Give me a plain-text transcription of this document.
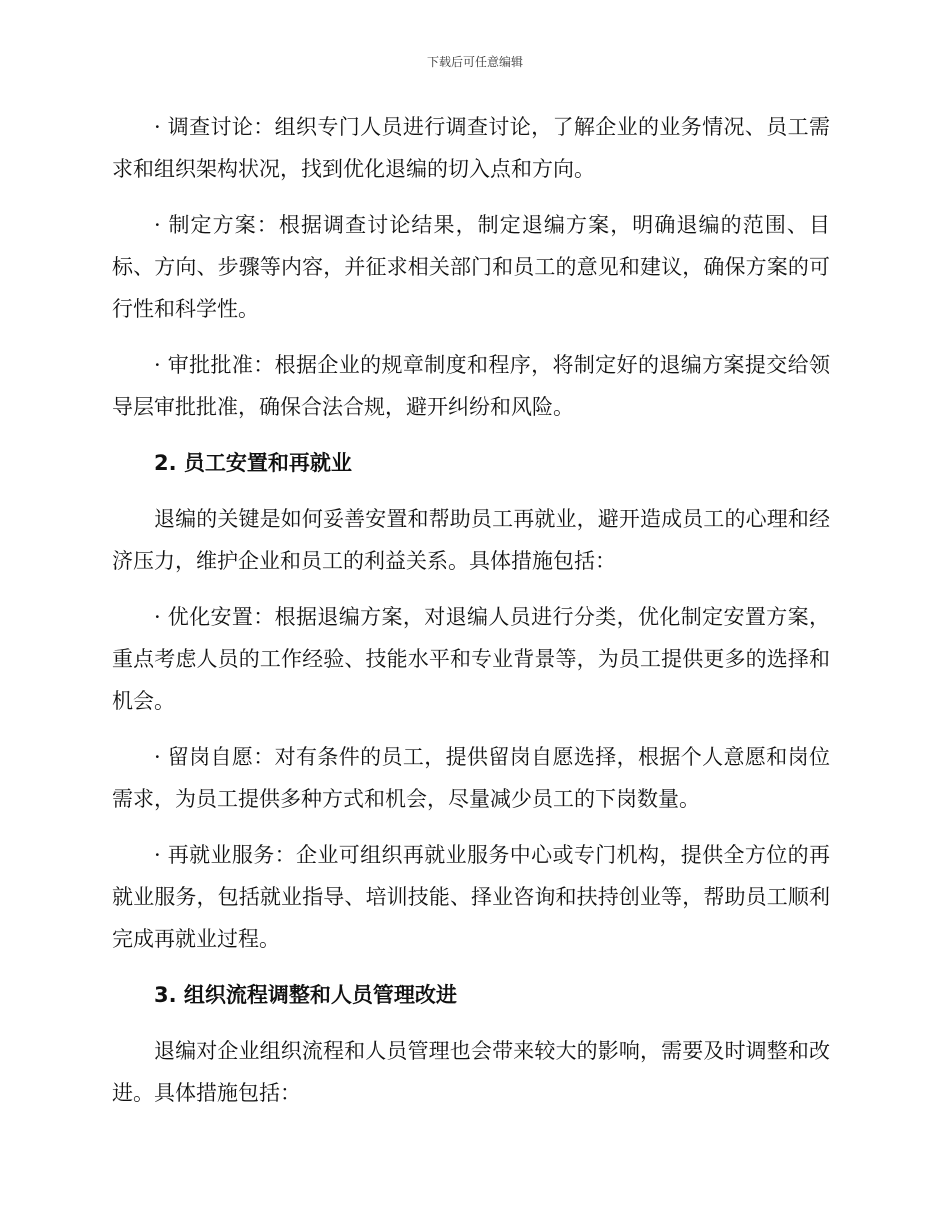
下载后可任意编辑

· 调查讨论：组织专门人员进行调查讨论，了解企业的业务情况、员工需求和组织架构状况，找到优化退编的切入点和方向。

· 制定方案：根据调查讨论结果，制定退编方案，明确退编的范围、目标、方向、步骤等内容，并征求相关部门和员工的意见和建议，确保方案的可行性和科学性。

· 审批批准：根据企业的规章制度和程序，将制定好的退编方案提交给领导层审批批准，确保合法合规，避开纠纷和风险。

2. 员工安置和再就业

退编的关键是如何妥善安置和帮助员工再就业，避开造成员工的心理和经济压力，维护企业和员工的利益关系。具体措施包括：

· 优化安置：根据退编方案，对退编人员进行分类，优化制定安置方案，重点考虑人员的工作经验、技能水平和专业背景等，为员工提供更多的选择和机会。

· 留岗自愿：对有条件的员工，提供留岗自愿选择，根据个人意愿和岗位需求，为员工提供多种方式和机会，尽量减少员工的下岗数量。

· 再就业服务：企业可组织再就业服务中心或专门机构，提供全方位的再就业服务，包括就业指导、培训技能、择业咨询和扶持创业等，帮助员工顺利完成再就业过程。

3. 组织流程调整和人员管理改进

退编对企业组织流程和人员管理也会带来较大的影响，需要及时调整和改进。具体措施包括：
